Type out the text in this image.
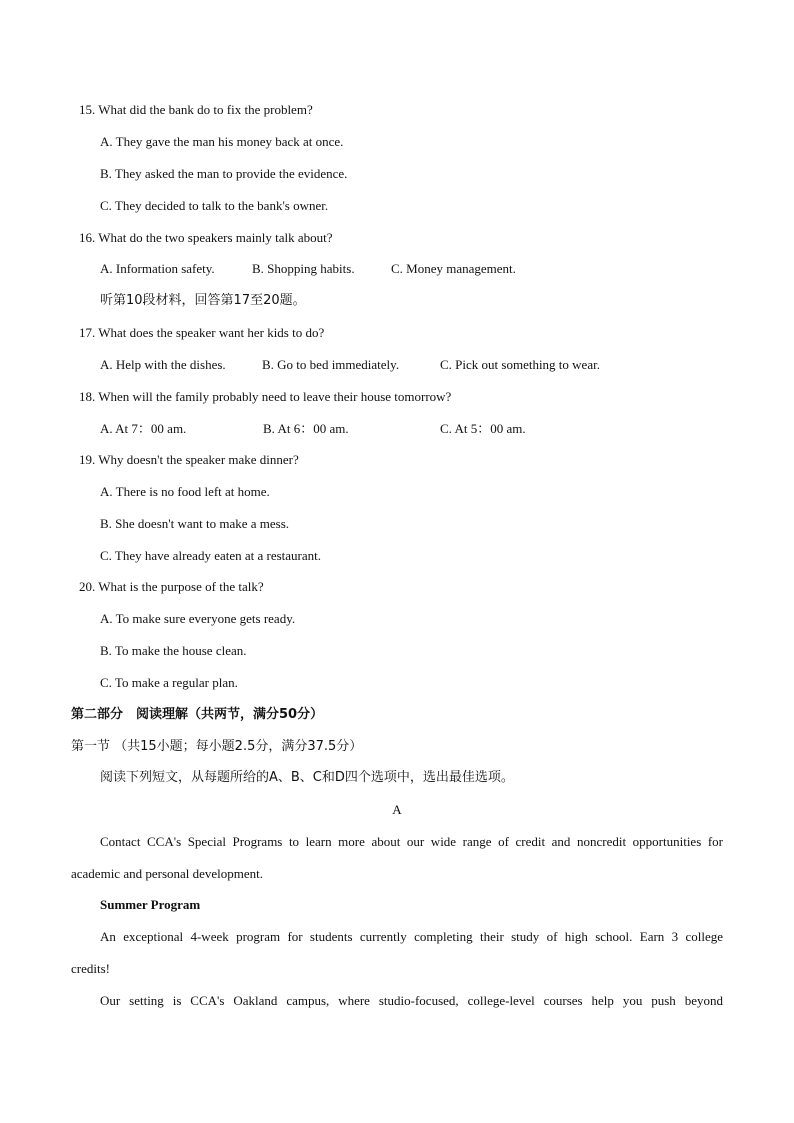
15. What did the bank do to fix the problem?
A. They gave the man his money back at once.
B. They asked the man to provide the evidence.
C. They decided to talk to the bank's owner.
16. What do the two speakers mainly talk about?
A. Information safety.	B. Shopping habits.	C. Money management.
听第10段材料，回答第17至20题。
17. What does the speaker want her kids to do?
A. Help with the dishes.	B. Go to bed immediately.	C. Pick out something to wear.
18. When will the family probably need to leave their house tomorrow?
A. At 7：00 am.	B. At 6：00 am.	C. At 5：00 am.
19. Why doesn't the speaker make dinner?
A. There is no food left at home.
B. She doesn't want to make a mess.
C. They have already eaten at a restaurant.
20. What is the purpose of the talk?
A. To make sure everyone gets ready.
B. To make the house clean.
C. To make a regular plan.
第二部分　阅读理解（共两节，满分50分）
第一节 （共15小题；每小题2.5分，满分37.5分）
阅读下列短文，从每题所给的A、B、C和D四个选项中，选出最佳选项。
A
Contact CCA's Special Programs to learn more about our wide range of credit and noncredit opportunities for
academic and personal development.
Summer Program
An exceptional 4-week program for students currently completing their study of high school. Earn 3 college
credits!
Our setting is CCA's Oakland campus, where studio-focused, college-level courses help you push beyond
